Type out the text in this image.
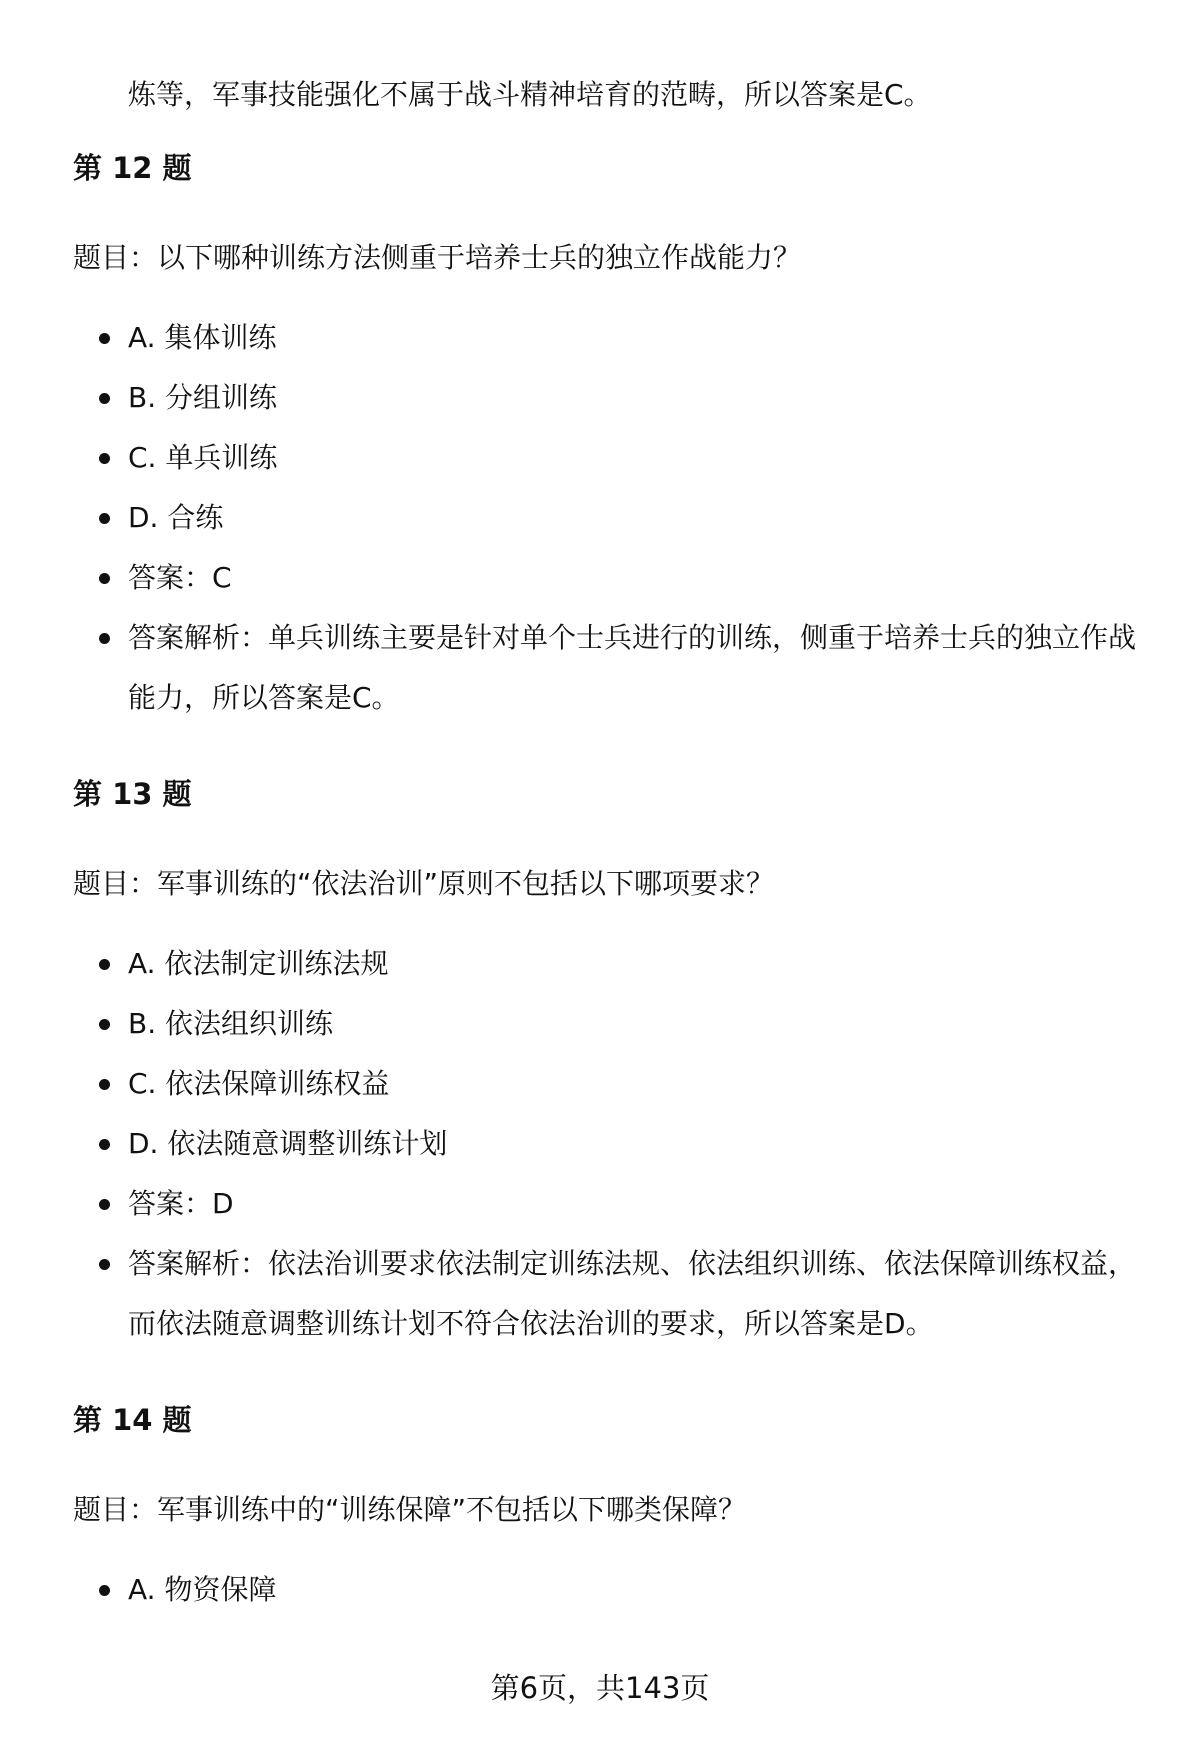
炼等，军事技能强化不属于战斗精神培育的范畴，所以答案是C。

第 12 题

题目：以下哪种训练方法侧重于培养士兵的独立作战能力？

A. 集体训练
B. 分组训练
C. 单兵训练
D. 合练
答案：C
答案解析：单兵训练主要是针对单个士兵进行的训练，侧重于培养士兵的独立作战能力，所以答案是C。

第 13 题

题目：军事训练的“依法治训”原则不包括以下哪项要求？

A. 依法制定训练法规
B. 依法组织训练
C. 依法保障训练权益
D. 依法随意调整训练计划
答案：D
答案解析：依法治训要求依法制定训练法规、依法组织训练、依法保障训练权益，而依法随意调整训练计划不符合依法治训的要求，所以答案是D。

第 14 题

题目：军事训练中的“训练保障”不包括以下哪类保障？

A. 物资保障
第6页，共143页
